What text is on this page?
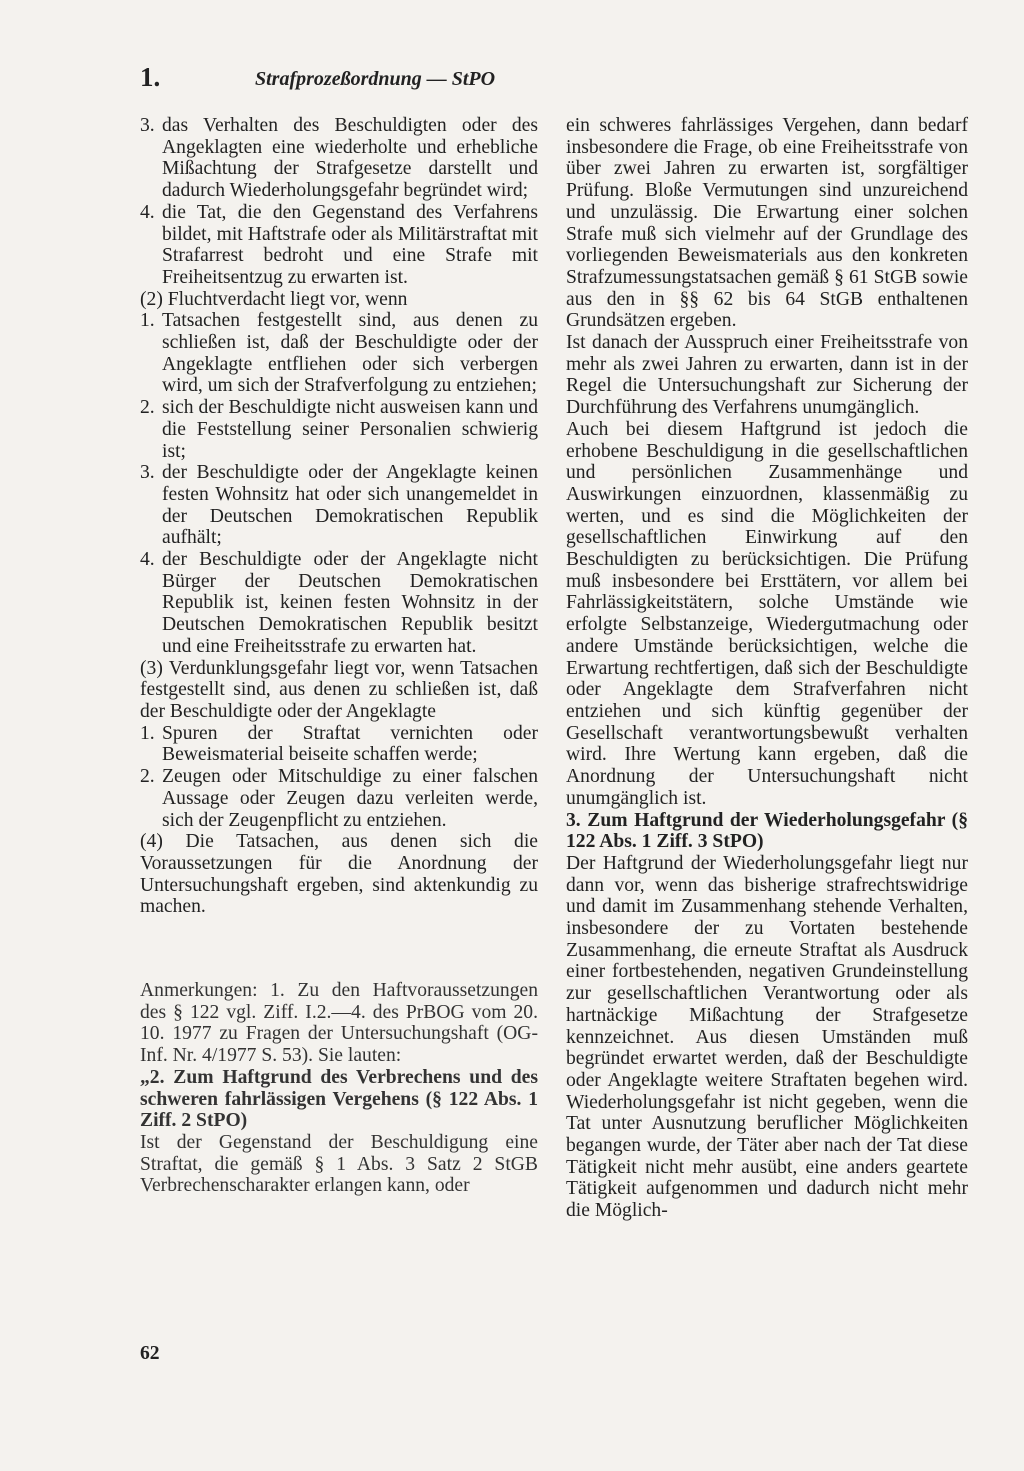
1.	Strafprozeßordnung — StPO
3. das Verhalten des Beschuldigten oder des Angeklagten eine wiederholte und erhebliche Mißachtung der Strafgesetze darstellt und dadurch Wiederholungsgefahr begründet wird;
4. die Tat, die den Gegenstand des Verfahrens bildet, mit Haftstrafe oder als Militärstraftat mit Strafarrest bedroht und eine Strafe mit Freiheitsentzug zu erwarten ist.

(2) Fluchtverdacht liegt vor, wenn

1. Tatsachen festgestellt sind, aus denen zu schließen ist, daß der Beschuldigte oder der Angeklagte entfliehen oder sich verbergen wird, um sich der Strafverfolgung zu entziehen;
2. sich der Beschuldigte nicht ausweisen kann und die Feststellung seiner Personalien schwierig ist;
3. der Beschuldigte oder der Angeklagte keinen festen Wohnsitz hat oder sich unangemeldet in der Deutschen Demokratischen Republik aufhält;
4. der Beschuldigte oder der Angeklagte nicht Bürger der Deutschen Demokratischen Republik ist, keinen festen Wohnsitz in der Deutschen Demokratischen Republik besitzt und eine Freiheitsstrafe zu erwarten hat.

(3) Verdunklungsgefahr liegt vor, wenn Tatsachen festgestellt sind, aus denen zu schließen ist, daß der Beschuldigte oder der Angeklagte

1. Spuren der Straftat vernichten oder Beweismaterial beiseite schaffen werde;
2. Zeugen oder Mitschuldige zu einer falschen Aussage oder Zeugen dazu verleiten werde, sich der Zeugenpflicht zu entziehen.

(4) Die Tatsachen, aus denen sich die Voraussetzungen für die Anordnung der Untersuchungshaft ergeben, sind aktenkundig zu machen.

Anmerkungen: 1. Zu den Haftvoraussetzungen des § 122 vgl. Ziff. I.2.—4. des PrBOG vom 20. 10. 1977 zu Fragen der Untersuchungshaft (OG-Inf. Nr. 4/1977 S. 53). Sie lauten:

„2. Zum Haftgrund des Verbrechens und des schweren fahrlässigen Vergehens (§ 122 Abs. 1 Ziff. 2 StPO)

Ist der Gegenstand der Beschuldigung eine Straftat, die gemäß § 1 Abs. 3 Satz 2 StGB Verbrechenscharakter erlangen kann, oder

ein schweres fahrlässiges Vergehen, dann bedarf insbesondere die Frage, ob eine Freiheitsstrafe von über zwei Jahren zu erwarten ist, sorgfältiger Prüfung. Bloße Vermutungen sind unzureichend und unzulässig. Die Erwartung einer solchen Strafe muß sich vielmehr auf der Grundlage des vorliegenden Beweismaterials aus den konkreten Strafzumessungstatsachen gemäß § 61 StGB sowie aus den in §§ 62 bis 64 StGB enthaltenen Grundsätzen ergeben.

Ist danach der Ausspruch einer Freiheitsstrafe von mehr als zwei Jahren zu erwarten, dann ist in der Regel die Untersuchungshaft zur Sicherung der Durchführung des Verfahrens unumgänglich.

Auch bei diesem Haftgrund ist jedoch die erhobene Beschuldigung in die gesellschaftlichen und persönlichen Zusammenhänge und Auswirkungen einzuordnen, klassenmäßig zu werten, und es sind die Möglichkeiten der gesellschaftlichen Einwirkung auf den Beschuldigten zu berücksichtigen. Die Prüfung muß insbesondere bei Ersttätern, vor allem bei Fahrlässigkeitstätern, solche Umstände wie erfolgte Selbstanzeige, Wiedergutmachung oder andere Umstände berücksichtigen, welche die Erwartung rechtfertigen, daß sich der Beschuldigte oder Angeklagte dem Strafverfahren nicht entziehen und sich künftig gegenüber der Gesellschaft verantwortungsbewußt verhalten wird. Ihre Wertung kann ergeben, daß die Anordnung der Untersuchungshaft nicht unumgänglich ist.

3. Zum Haftgrund der Wiederholungsgefahr (§ 122 Abs. 1 Ziff. 3 StPO)

Der Haftgrund der Wiederholungsgefahr liegt nur dann vor, wenn das bisherige strafrechtswidrige und damit im Zusammenhang stehende Verhalten, insbesondere der zu Vortaten bestehende Zusammenhang, die erneute Straftat als Ausdruck einer fortbestehenden, negativen Grundeinstellung zur gesellschaftlichen Verantwortung oder als hartnäckige Mißachtung der Strafgesetze kennzeichnet. Aus diesen Umständen muß begründet erwartet werden, daß der Beschuldigte oder Angeklagte weitere Straftaten begehen wird. Wiederholungsgefahr ist nicht gegeben, wenn die Tat unter Ausnutzung beruflicher Möglichkeiten begangen wurde, der Täter aber nach der Tat diese Tätigkeit nicht mehr ausübt, eine anders geartete Tätigkeit aufgenommen und dadurch nicht mehr die Möglich-

62
